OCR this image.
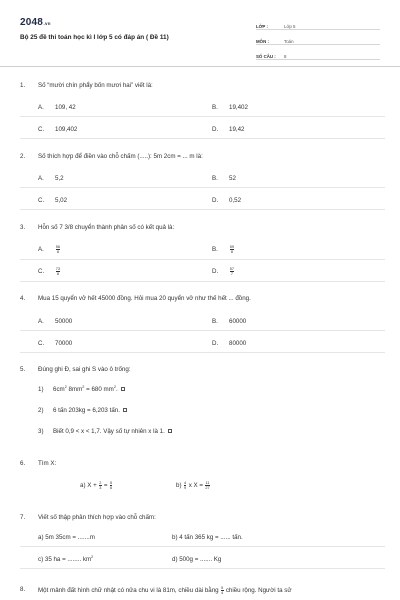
2048.vn
Bộ 25 đề thi toán học kì I lớp 5 có đáp án ( Đề 11)
LỚP :	Lớp 5
MÔN :	Toán
SỐ CÂU :	8
1.	Số “mười chín phẩy bốn mươi hai” viết là:
A.	109, 42	B.	19,402
C.	109,402	D.	19,42
2.	Số thích hợp để điền vào chỗ chấm (.....): 5m 2cm = ... m là:
A.	5,2	B.	52
C.	5,02	D.	0,52
3.	Hỗn số 7 3/8 chuyển thành phân số có kết quả là:
A.	$\frac{56}{8}$	B.	$\frac{59}{8}$
C.	$\frac{73}{8}$	D.	$\frac{57}{7}$
4.	Mua 15 quyển vở hết 45000 đồng. Hỏi mua 20 quyển vở như thế hết ... đồng.
A.	50000	B.	60000
C.	70000	D.	80000
5.	Đúng ghi Đ, sai ghi S vào ô trống:
1) $6cm^2$ $8mm^2 = 680$ $mm^2$.
2) 6 tấn 203kg = 6,203 tấn.
3) Biết 0,9 < x < 1,7. Vậy số tự nhiên x là 1.
6.	Tìm X:
a) $X + \frac{2}{3} = \frac{5}{6}$	$b) \frac{4}{9}$ x $X = \frac{11}{27}$
7.	Viết số thập phân thích hợp vào chỗ chấm:
a) 5m 35cm = .......m	b) 4 tấn 365 kg = ...... tấn.
c) 35 ha = ........ $km^2$	d) 500g = ....... Kg
8.	Một mảnh đất hình chữ nhật có nửa chu vi là 81m, chiều dài bằng $\frac{5}{4}$ chiều rộng. Người ta sử
